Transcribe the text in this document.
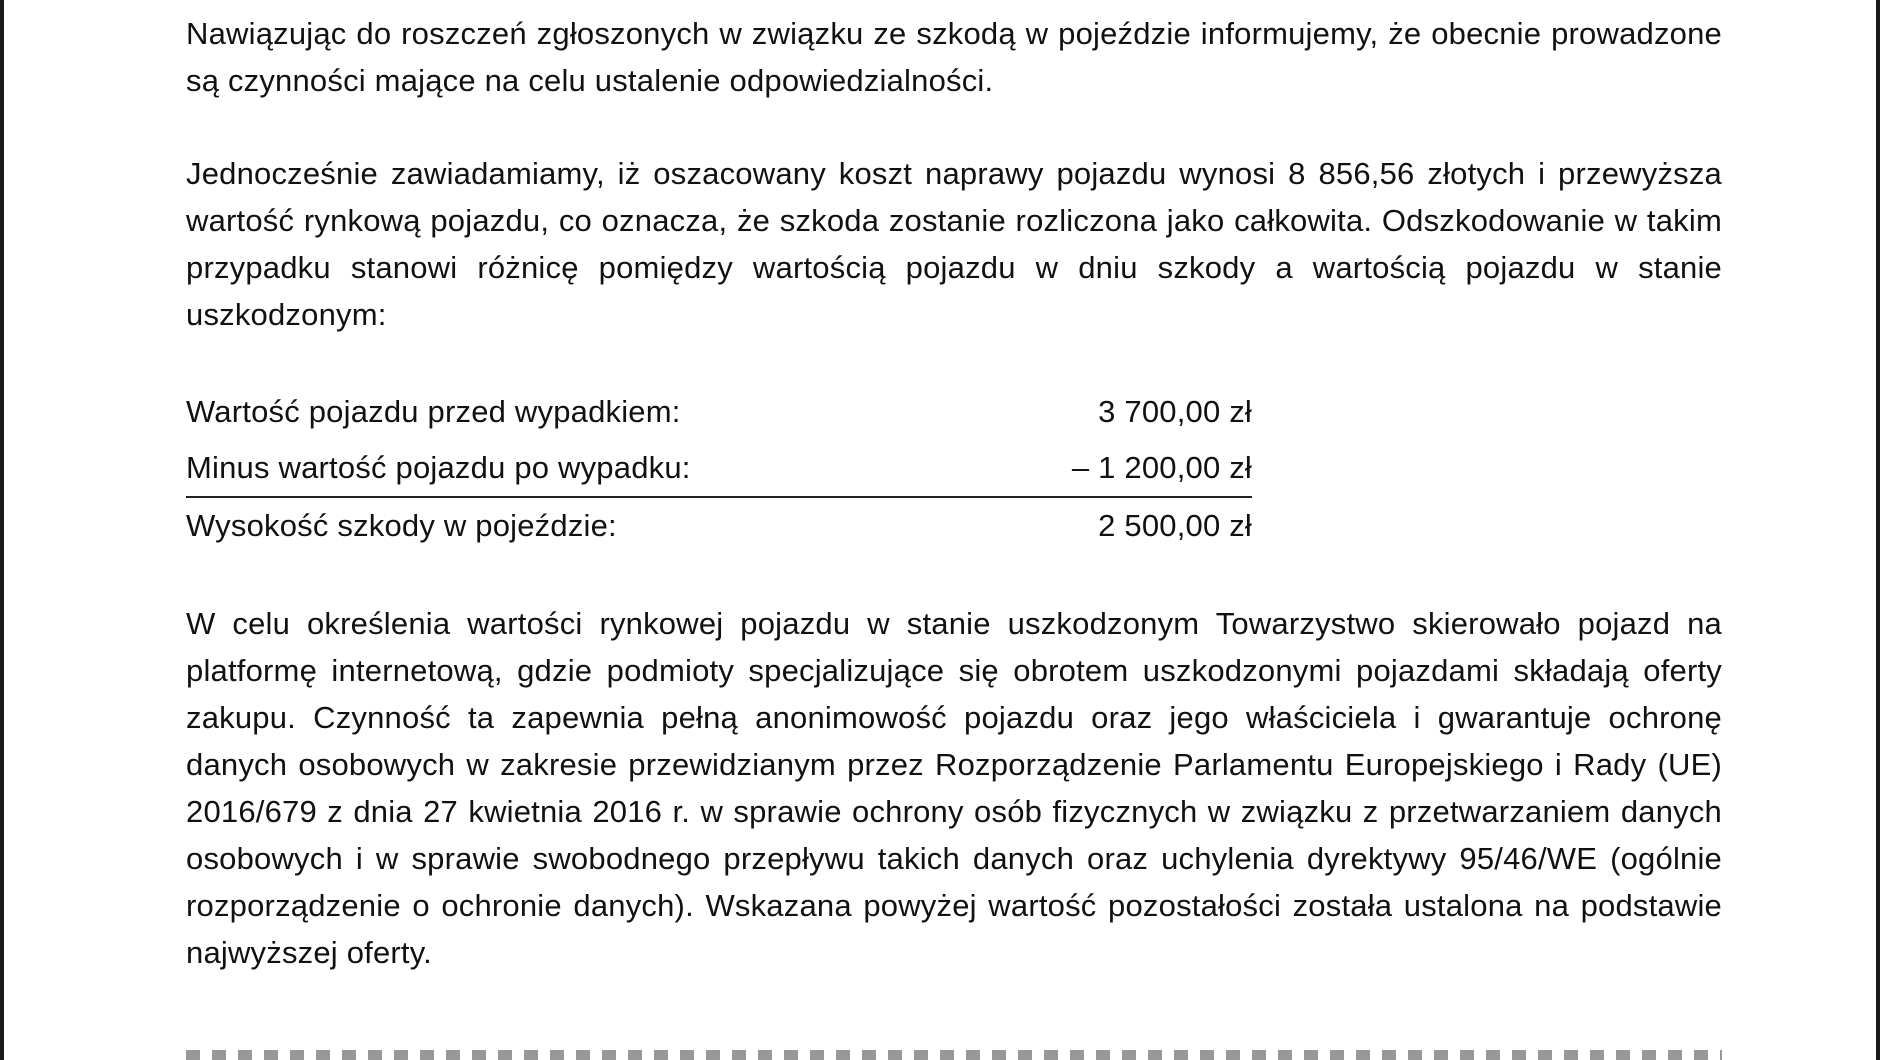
Nawiązując do roszczeń zgłoszonych w związku ze szkodą w pojeździe informujemy, że obecnie prowadzone są czynności mające na celu ustalenie odpowiedzialności.

Jednocześnie zawiadamiamy, iż oszacowany koszt naprawy pojazdu wynosi 8 856,56 złotych i przewyższa wartość rynkową pojazdu, co oznacza, że szkoda zostanie rozliczona jako całkowita. Odszkodowanie w takim przypadku stanowi różnicę pomiędzy wartością pojazdu w dniu szkody a wartością pojazdu w stanie uszkodzonym:

Wartość pojazdu przed wypadkiem:	3 700,00 zł
Minus wartość pojazdu po wypadku:	– 1 200,00 zł
Wysokość szkody w pojeździe:	2 500,00 zł

W celu określenia wartości rynkowej pojazdu w stanie uszkodzonym Towarzystwo skierowało pojazd na platformę internetową, gdzie podmioty specjalizujące się obrotem uszkodzonymi pojazdami składają oferty zakupu. Czynność ta zapewnia pełną anonimowość pojazdu oraz jego właściciela i gwarantuje ochronę danych osobowych w zakresie przewidzianym przez Rozporządzenie Parlamentu Europejskiego i Rady (UE) 2016/679 z dnia 27 kwietnia 2016 r. w sprawie ochrony osób fizycznych w związku z przetwarzaniem danych osobowych i w sprawie swobodnego przepływu takich danych oraz uchylenia dyrektywy 95/46/WE (ogólnie rozporządzenie o ochronie danych). Wskazana powyżej wartość pozostałości została ustalona na podstawie najwyższej oferty.
